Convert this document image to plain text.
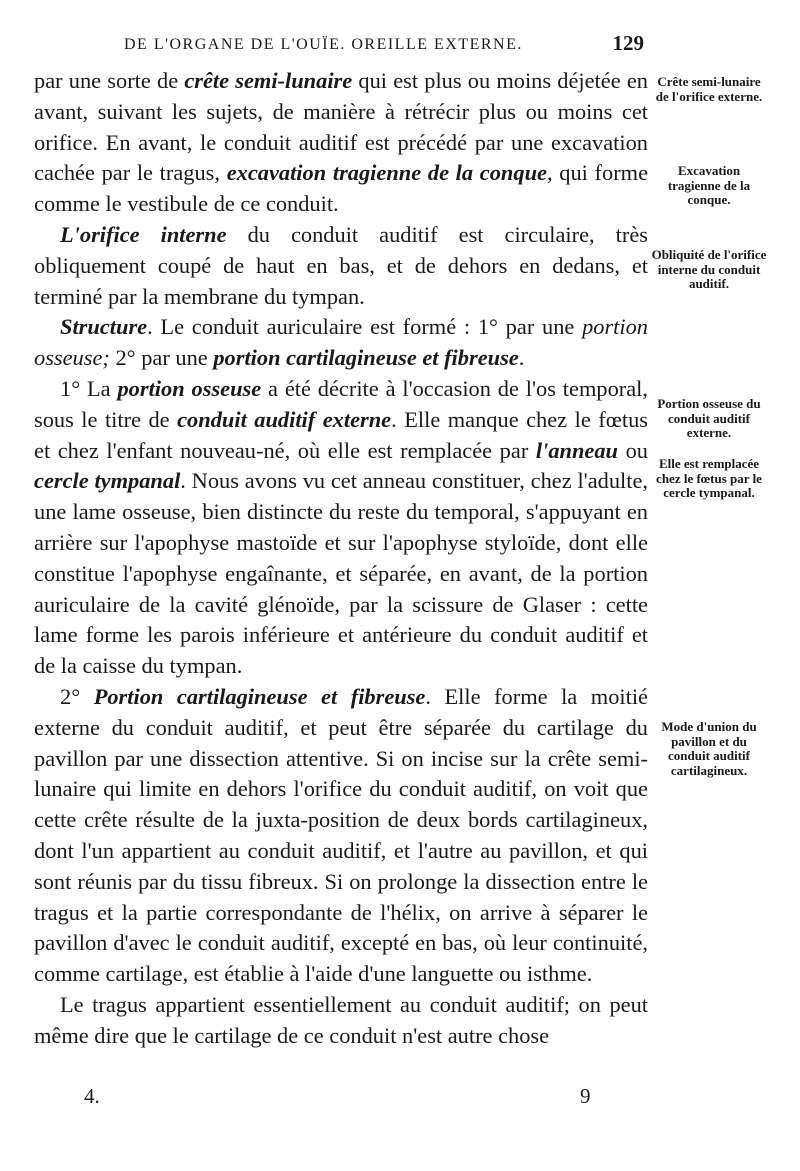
DE L'ORGANE DE L'OUÏE. OREILLE EXTERNE.	129

par une sorte de crête semi-lunaire qui est plus ou moins déjetée en avant, suivant les sujets, de manière à rétrécir plus ou moins cet orifice. En avant, le conduit auditif est précédé par une excavation cachée par le tragus, excavation tragienne de la conque, qui forme comme le vestibule de ce conduit.

L'orifice interne du conduit auditif est circulaire, très obliquement coupé de haut en bas, et de dehors en dedans, et terminé par la membrane du tympan.

Structure. Le conduit auriculaire est formé : 1° par une portion osseuse; 2° par une portion cartilagineuse et fibreuse.

1° La portion osseuse a été décrite à l'occasion de l'os temporal, sous le titre de conduit auditif externe. Elle manque chez le fœtus et chez l'enfant nouveau-né, où elle est remplacée par l'anneau ou cercle tympanal. Nous avons vu cet anneau constituer, chez l'adulte, une lame osseuse, bien distincte du reste du temporal, s'appuyant en arrière sur l'apophyse mastoïde et sur l'apophyse styloïde, dont elle constitue l'apophyse engaînante, et séparée, en avant, de la portion auriculaire de la cavité glénoïde, par la scissure de Glaser : cette lame forme les parois inférieure et antérieure du conduit auditif et de la caisse du tympan.

2° Portion cartilagineuse et fibreuse. Elle forme la moitié externe du conduit auditif, et peut être séparée du cartilage du pavillon par une dissection attentive. Si on incise sur la crête semi-lunaire qui limite en dehors l'orifice du conduit auditif, on voit que cette crête résulte de la juxta-position de deux bords cartilagineux, dont l'un appartient au conduit auditif, et l'autre au pavillon, et qui sont réunis par du tissu fibreux. Si on prolonge la dissection entre le tragus et la partie correspondante de l'hélix, on arrive à séparer le pavillon d'avec le conduit auditif, excepté en bas, où leur continuité, comme cartilage, est établie à l'aide d'une languette ou isthme.

Le tragus appartient essentiellement au conduit auditif; on peut même dire que le cartilage de ce conduit n'est autre chose

Crête semi-lunaire de l'orifice externe.
Excavation tragienne de la conque.
Obliquité de l'orifice interne du conduit auditif.
Portion osseuse du conduit auditif externe.
Elle est remplacée chez le fœtus par le cercle tympanal.
Mode d'union du pavillon et du conduit auditif cartilagineux.
4.	9
